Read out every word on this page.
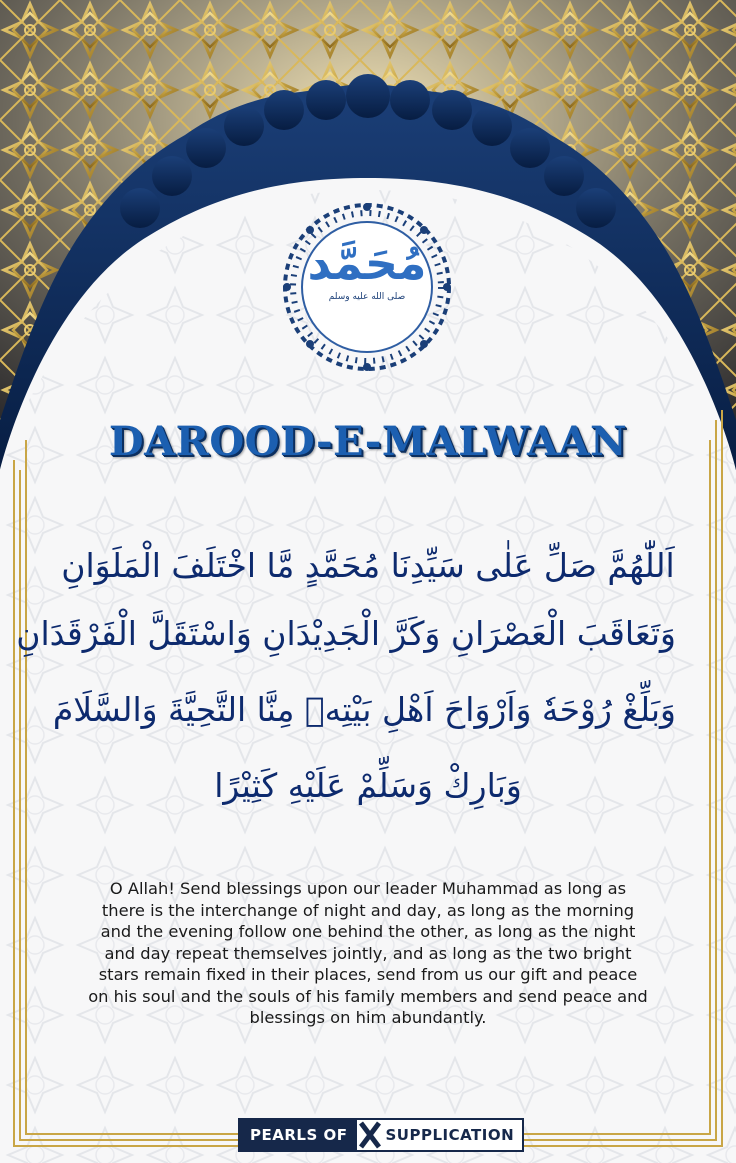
مُحَمَّد
صلى الله عليه وسلم
DAROOD-E-MALWAAN
اَللّٰهُمَّ صَلِّ عَلٰى سَيِّدِنَا مُحَمَّدٍ مَّا اخْتَلَفَ الْمَلَوَانِ
وَتَعَاقَبَ الْعَصْرَانِ وَكَرَّ الْجَدِيْدَانِ وَاسْتَقَلَّ الْفَرْقَدَانِ
وَبَلِّغْ رُوْحَهٗ وَاَرْوَاحَ اَهْلِ بَيْتِهٖ مِنَّا التَّحِيَّةَ وَالسَّلَامَ
وَبَارِكْ وَسَلِّمْ عَلَيْهِ كَثِيْرًا
O Allah! Send blessings upon our leader Muhammad as long as there is the interchange of night and day, as long as the morning and the evening follow one behind the other, as long as the night and day repeat themselves jointly, and as long as the two bright stars remain fixed in their places, send from us our gift and peace on his soul and the souls of his family members and send peace and blessings on him abundantly.
PEARLS OF	SUPPLICATION
